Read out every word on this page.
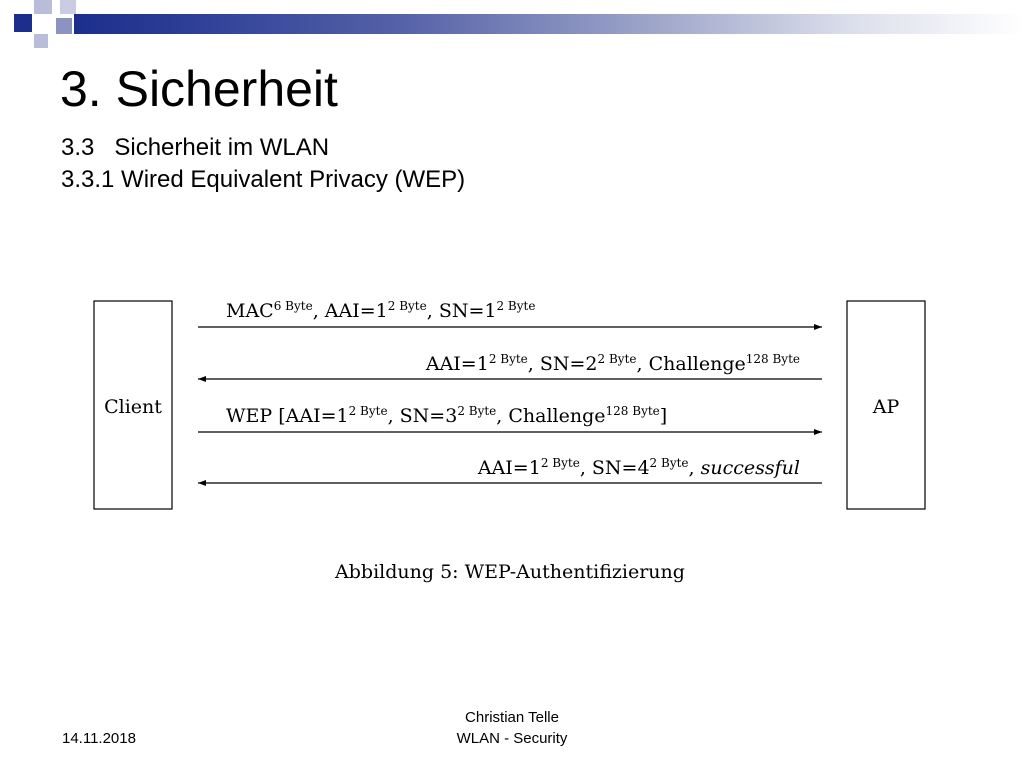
3. Sicherheit
3.3   Sicherheit im WLAN
3.3.1 Wired Equivalent Privacy (WEP)
Client	AP
$MAC^{6 Byte}$, $AAI=1^{2 Byte}$, $SN=1^{2 Byte}$
$AAI=1^{2 Byte}$, $SN=2^{2 Byte}$, Challenge$^{128 Byte}$
WEP [$AAI=1^{2 Byte}$, $SN=3^{2 Byte}$, Challenge$^{128 Byte}$]
$AAI=1^{2 Byte}$, $SN=4^{2 Byte}$, successful
Abbildung 5: WEP-Authentifizierung
14.11.2018
Christian Telle
WLAN - Security
